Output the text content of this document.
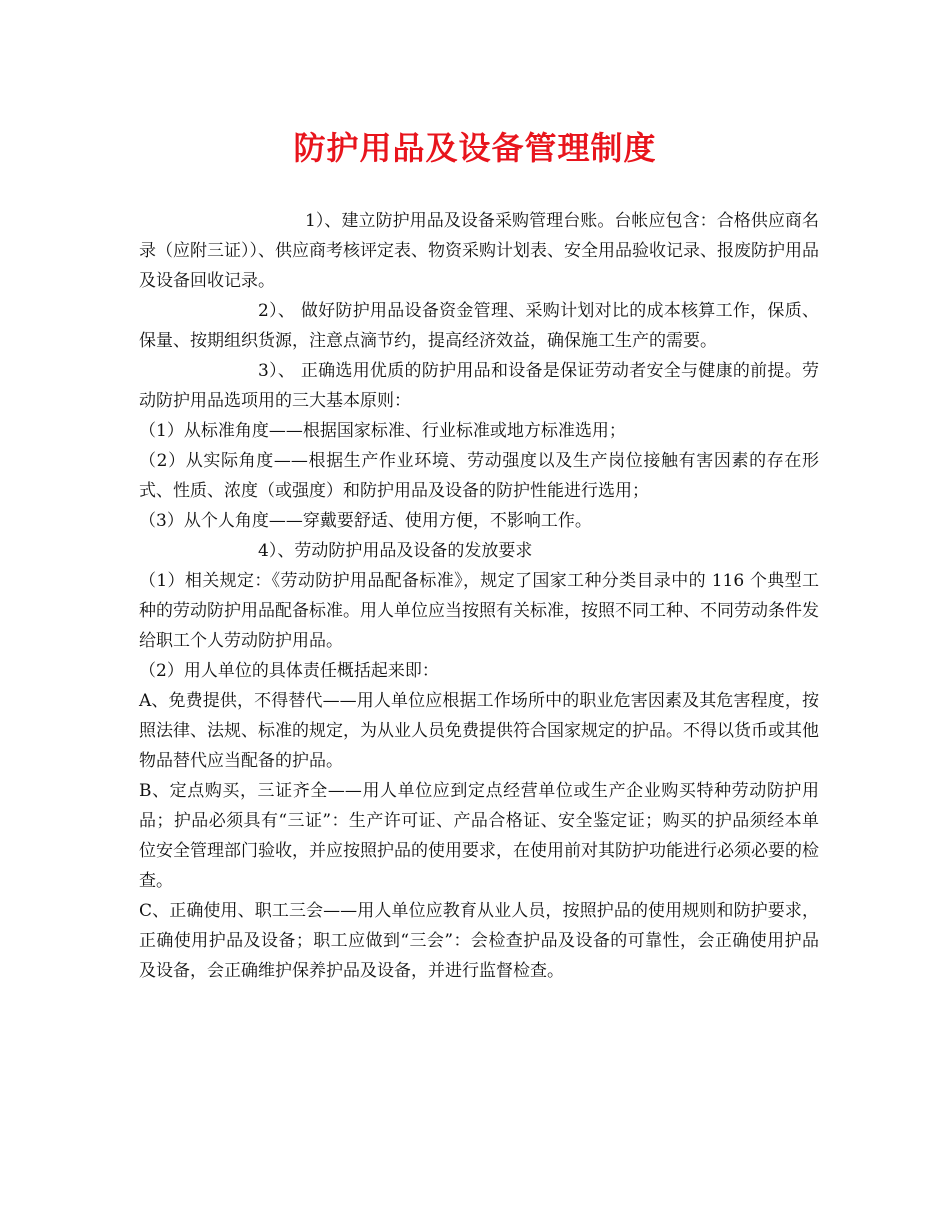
防护用品及设备管理制度

1）、建立防护用品及设备采购管理台账。台帐应包含：合格供应商名录（应附三证））、供应商考核评定表、物资采购计划表、安全用品验收记录、报废防护用品及设备回收记录。

2）、 做好防护用品设备资金管理、采购计划对比的成本核算工作，保质、保量、按期组织货源，注意点滴节约，提高经济效益，确保施工生产的需要。

3）、 正确选用优质的防护用品和设备是保证劳动者安全与健康的前提。劳动防护用品选项用的三大基本原则：

（1）从标准角度——根据国家标准、行业标准或地方标准选用；

（2）从实际角度——根据生产作业环境、劳动强度以及生产岗位接触有害因素的存在形式、性质、浓度（或强度）和防护用品及设备的防护性能进行选用；

（3）从个人角度——穿戴要舒适、使用方便，不影响工作。

4）、劳动防护用品及设备的发放要求

（1）相关规定：《劳动防护用品配备标准》，规定了国家工种分类目录中的 116 个典型工种的劳动防护用品配备标准。用人单位应当按照有关标准，按照不同工种、不同劳动条件发给职工个人劳动防护用品。

（2）用人单位的具体责任概括起来即：

A、免费提供，不得替代——用人单位应根据工作场所中的职业危害因素及其危害程度，按照法律、法规、标准的规定，为从业人员免费提供符合国家规定的护品。不得以货币或其他物品替代应当配备的护品。

B、定点购买，三证齐全——用人单位应到定点经营单位或生产企业购买特种劳动防护用品；护品必须具有“三证”：生产许可证、产品合格证、安全鉴定证；购买的护品须经本单位安全管理部门验收，并应按照护品的使用要求，在使用前对其防护功能进行必须必要的检查。

C、正确使用、职工三会——用人单位应教育从业人员，按照护品的使用规则和防护要求，正确使用护品及设备；职工应做到“三会”：会检查护品及设备的可靠性，会正确使用护品及设备，会正确维护保养护品及设备，并进行监督检查。
